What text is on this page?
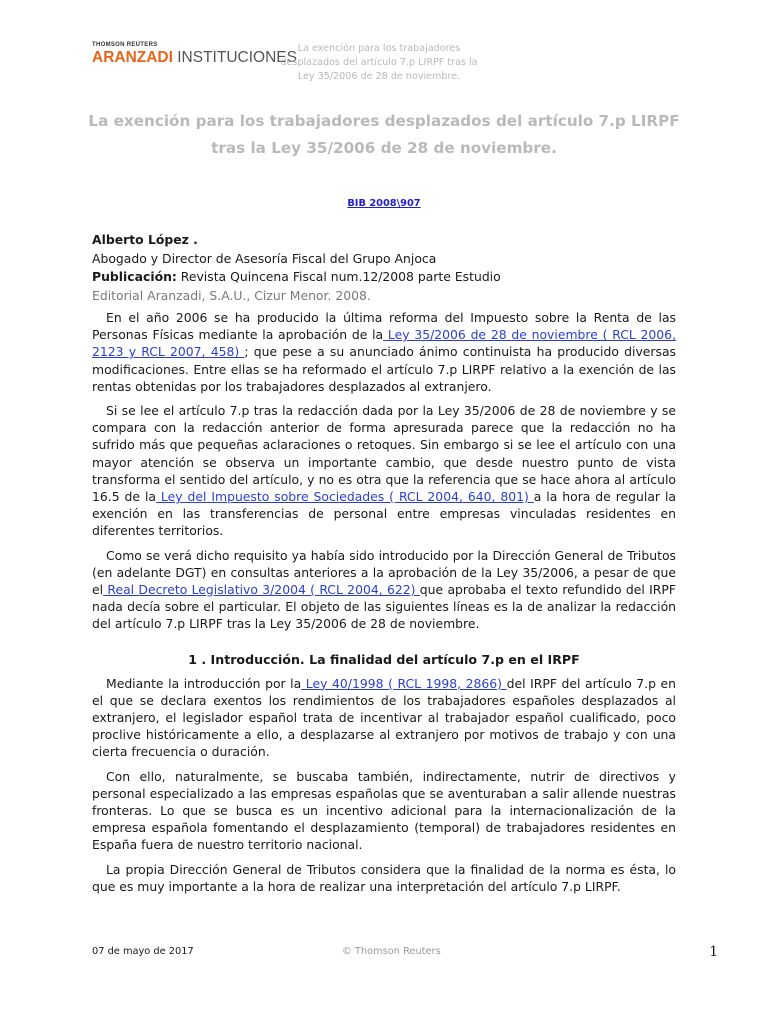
THOMSON REUTERS
ARANZADI INSTITUCIONES
La exención para los trabajadores desplazados del artículo 7.p LIRPF tras la Ley 35/2006 de 28 de noviembre.
La exención para los trabajadores desplazados del artículo 7.p LIRPF tras la Ley 35/2006 de 28 de noviembre.
BIB 2008\907
Alberto López .
Abogado y Director de Asesoría Fiscal del Grupo Anjoca
Publicación: Revista Quincena Fiscal num.12/2008 parte Estudio
Editorial Aranzadi, S.A.U., Cizur Menor. 2008.

En el año 2006 se ha producido la última reforma del Impuesto sobre la Renta de las Personas Físicas mediante la aprobación de la Ley 35/2006 de 28 de noviembre ( RCL 2006, 2123 y RCL 2007, 458) ; que pese a su anunciado ánimo continuista ha producido diversas modificaciones. Entre ellas se ha reformado el artículo 7.p LIRPF relativo a la exención de las rentas obtenidas por los trabajadores desplazados al extranjero.

Si se lee el artículo 7.p tras la redacción dada por la Ley 35/2006 de 28 de noviembre y se compara con la redacción anterior de forma apresurada parece que la redacción no ha sufrido más que pequeñas aclaraciones o retoques. Sin embargo si se lee el artículo con una mayor atención se observa un importante cambio, que desde nuestro punto de vista transforma el sentido del artículo, y no es otra que la referencia que se hace ahora al artículo 16.5 de la Ley del Impuesto sobre Sociedades ( RCL 2004, 640, 801) a la hora de regular la exención en las transferencias de personal entre empresas vinculadas residentes en diferentes territorios.

Como se verá dicho requisito ya había sido introducido por la Dirección General de Tributos (en adelante DGT) en consultas anteriores a la aprobación de la Ley 35/2006, a pesar de que el Real Decreto Legislativo 3/2004 ( RCL 2004, 622) que aprobaba el texto refundido del IRPF nada decía sobre el particular. El objeto de las siguientes líneas es la de analizar la redacción del artículo 7.p LIRPF tras la Ley 35/2006 de 28 de noviembre.

1 . Introducción. La finalidad del artículo 7.p en el IRPF

Mediante la introducción por la Ley 40/1998 ( RCL 1998, 2866) del IRPF del artículo 7.p en el que se declara exentos los rendimientos de los trabajadores españoles desplazados al extranjero, el legislador español trata de incentivar al trabajador español cualificado, poco proclive históricamente a ello, a desplazarse al extranjero por motivos de trabajo y con una cierta frecuencia o duración.

Con ello, naturalmente, se buscaba también, indirectamente, nutrir de directivos y personal especializado a las empresas españolas que se aventuraban a salir allende nuestras fronteras. Lo que se busca es un incentivo adicional para la internacionalización de la empresa española fomentando el desplazamiento (temporal) de trabajadores residentes en España fuera de nuestro territorio nacional.

La propia Dirección General de Tributos considera que la finalidad de la norma es ésta, lo que es muy importante a la hora de realizar una interpretación del artículo 7.p LIRPF.

07 de mayo de 2017	© Thomson Reuters	1
